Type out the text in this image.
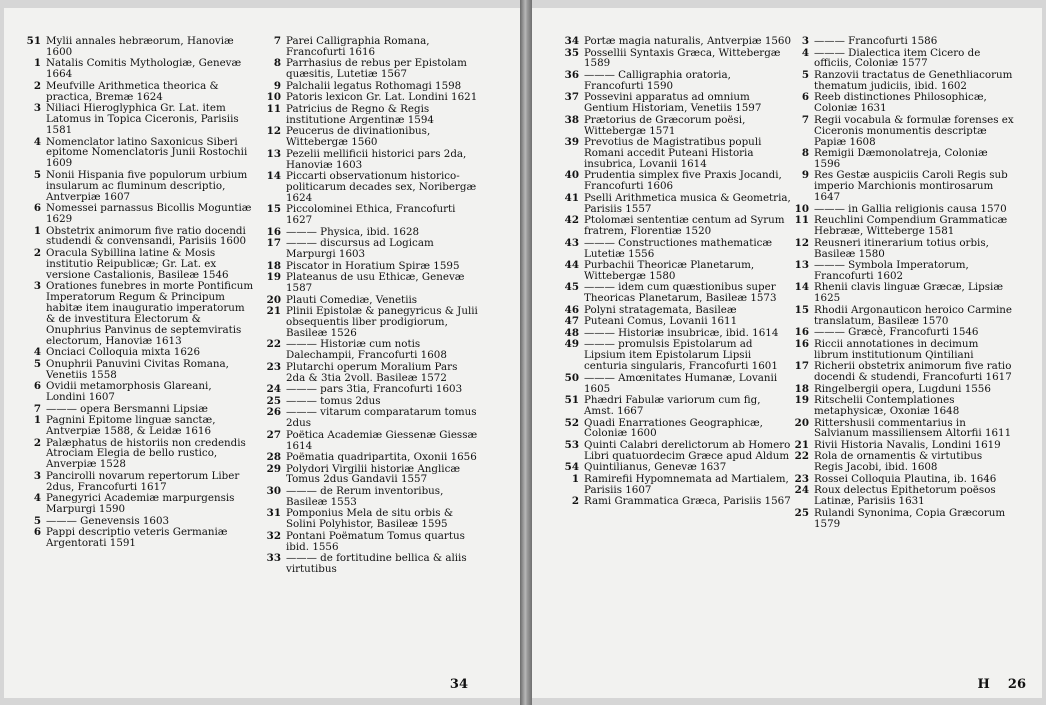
51 Mylii annales hebræorum, Hanoviæ 1600
1 Natalis Comitis Mythologiæ, Genevæ 1664
2 Meufville Arithmetica theorica & practica, Bremæ 1624
3 Niliaci Hieroglyphica Gr. Lat. item Latomus in Topica Ciceronis, Parisiis 1581
4 Nomenclator latino Saxonicus Siberi epitome Nomenclatoris Junii Rostochii 1609
5 Nonii Hispania five populorum urbium insularum ac fluminum descriptio, Antverpiæ 1607
6 Nomessei parnassus Bicollis Moguntiæ 1629
1 Obstetrix animorum five ratio docendi studendi & convensandi, Parisiis 1600
2 Oracula Sybillina latine & Mosis institutio Reipublicæ; Gr. Lat. ex versione Castalionis, Basileæ 1546
3 Orationes funebres in morte Pontificum Imperatorum Regum & Principum habitæ item inauguratio imperatorum & de investitura Electorum & Onuphrius Panvinus de septemviratis electorum, Hanoviæ 1613
4 Onciaci Colloquia mixta 1626
5 Onuphrii Panuvini Civitas Romana, Venetiis 1558
6 Ovidii metamorphosis Glareani, Londini 1607
7 ——— opera Bersmanni Lipsiæ
1 Pagnini Epitome linguæ sanctæ, Antverpiæ 1588, & Leidæ 1616
2 Palæphatus de historiis non credendis Atrociam Elegia de bello rustico, Anverpiæ 1528
3 Pancirolli novarum repertorum Liber 2dus, Francofurti 1617
4 Panegyrici Academiæ marpurgensis Marpurgi 1590
5 ——— Genevensis 1603
6 Pappi descriptio veteris Germaniæ Argentorati 1591
7 Parei Calligraphia Romana, Francofurti 1616
8 Parrhasius de rebus per Epistolam quæsitis, Lutetiæ 1567
9 Palchalii legatus Rothomagi 1598
10 Patoris lexicon Gr. Lat. Londini 1621
11 Patricius de Regno & Regis institutione Argentinæ 1594
12 Peucerus de divinationibus, Wittebergæ 1560
13 Pezelii mellificii historici pars 2da, Hanoviæ 1603
14 Piccarti observationum historico-politicarum decades sex, Noribergæ 1624
15 Piccolominei Ethica, Francofurti 1627
16 ——— Physica, ibid. 1628
17 ——— discursus ad Logicam Marpurgi 1603
18 Piscator in Horatium Spiræ 1595
19 Plateanus de usu Ethicæ, Genevæ 1587
20 Plauti Comediæ, Venetiis
21 Plinii Epistolæ & panegyricus & Julii obsequentis liber prodigiorum, Basileæ 1526
22 ——— Historiæ cum notis Dalechampii, Francofurti 1608
23 Plutarchi operum Moralium Pars 2da & 3tia 2voll. Basileæ 1572
24 ——— pars 3tia, Francofurti 1603
25 ——— tomus 2dus
26 ——— vitarum comparatarum tomus 2dus
27 Poëtica Academiæ Giessenæ Giessæ 1614
28 Poëmatia quadripartita, Oxonii 1656
29 Polydori Virgilii historiæ Anglicæ Tomus 2dus Gandavii 1557
30 ——— de Rerum inventoribus, Basileæ 1553
31 Pomponius Mela de situ orbis & Solini Polyhistor, Basileæ 1595
32 Pontani Poëmatum Tomus quartus ibid. 1556
33 ——— de fortitudine bellica & aliis virtutibus
34
34 Portæ magia naturalis, Antverpiæ 1560
35 Possellii Syntaxis Græca, Wittebergæ 1589
36 ——— Calligraphia oratoria, Francofurti 1590
37 Possevini apparatus ad omnium Gentium Historiam, Venetiis 1597
38 Prætorius de Græcorum poësi, Wittebergæ 1571
39 Prevotius de Magistratibus populi Romani accedit Puteani Historia insubrica, Lovanii 1614
40 Prudentia simplex five Praxis Jocandi, Francofurti 1606
41 Pselli Arithmetica musica & Geometria, Parisiis 1557
42 Ptolomæi sententiæ centum ad Syrum fratrem, Florentiæ 1520
43 ——— Constructiones mathematicæ Lutetiæ 1556
44 Purbachii Theoricæ Planetarum, Wittebergæ 1580
45 ——— idem cum quæstionibus super Theoricas Planetarum, Basileæ 1573
46 Polyni stratagemata, Basileæ
47 Puteani Comus, Lovanii 1611
48 ——— Historiæ insubricæ, ibid. 1614
49 ——— promulsis Epistolarum ad Lipsium item Epistolarum Lipsii centuria singularis, Francofurti 1601
50 ——— Amœnitates Humanæ, Lovanii 1605
51 Phædri Fabulæ variorum cum fig, Amst. 1667
52 Quadi Enarrationes Geographicæ, Coloniæ 1600
53 Quinti Calabri derelictorum ab Homero Libri quatuordecim Græce apud Aldum
54 Quintilianus, Genevæ 1637
1 Ramirefii Hypomnemata ad Martialem, Parisiis 1607
2 Rami Grammatica Græca, Parisiis 1567
3 ——— Francofurti 1586
4 ——— Dialectica item Cicero de officiis, Coloniæ 1577
5 Ranzovii tractatus de Genethliacorum thematum judiciis, ibid. 1602
6 Reeb distinctiones Philosophicæ, Coloniæ 1631
7 Regii vocabula & formulæ forenses ex Ciceronis monumentis descriptæ Papiæ 1608
8 Remigii Dæmonolatreja, Coloniæ 1596
9 Res Gestæ auspiciis Caroli Regis sub imperio Marchionis montirosarum 1647
10 ——— in Gallia religionis causa 1570
11 Reuchlini Compendium Grammaticæ Hebrææ, Witteberge 1581
12 Reusneri itinerarium totius orbis, Basileæ 1580
13 ——— Symbola Imperatorum, Francofurti 1602
14 Rhenii clavis linguæ Græcæ, Lipsiæ 1625
15 Rhodii Argonauticon heroico Carmine translatum, Basileæ 1570
16 ——— Græcè, Francofurti 1546
16 Riccii annotationes in decimum librum institutionum Qintiliani
17 Richerii obstetrix animorum five ratio docendi & studendi, Francofurti 1617
18 Ringelbergii opera, Lugduni 1556
19 Ritschelii Contemplationes metaphysicæ, Oxoniæ 1648
20 Rittershusii commentarius in Salvianum massiliensem Altorfii 1611
21 Rivii Historia Navalis, Londini 1619
22 Rola de ornamentis & virtutibus Regis Jacobi, ibid. 1608
23 Rossei Colloquia Plautina, ib. 1646
24 Roux delectus Epithetorum poësos Latinæ, Parisiis 1631
25 Rulandi Synonima, Copia Græcorum 1579
H    26
